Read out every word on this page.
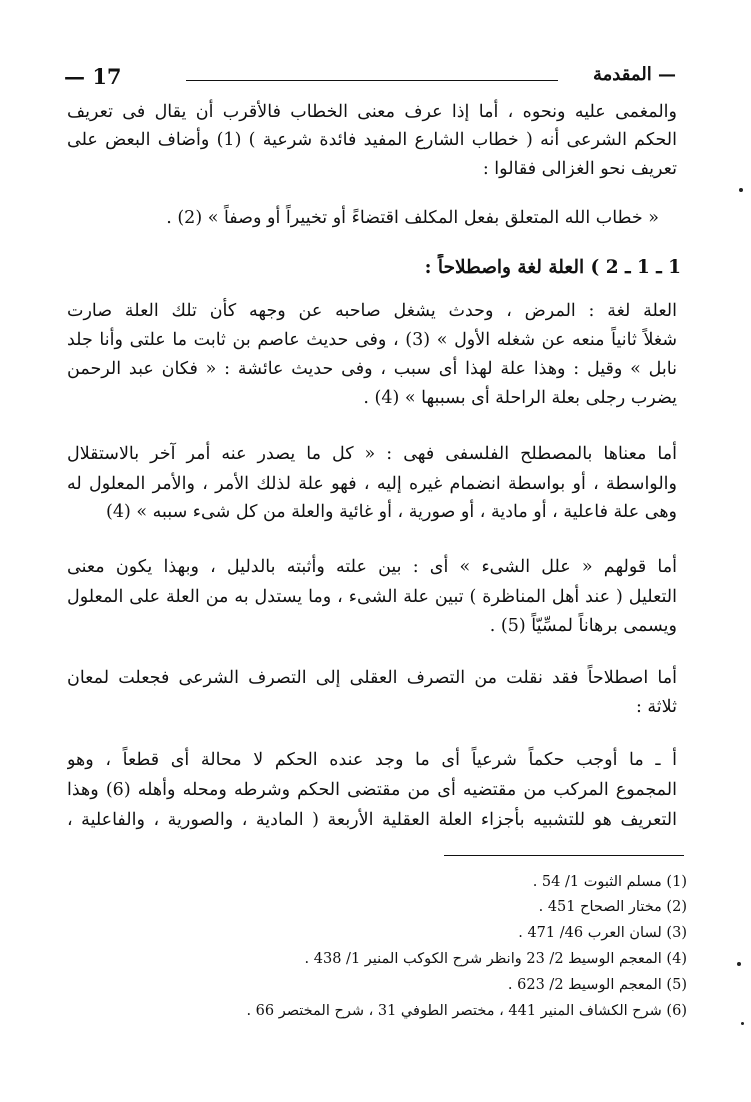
— 17	— المقدمة
والمغمى عليه ونحوه ، أما إذا عرف معنى الخطاب فالأقرب أن يقال فى تعريف
الحكم الشرعى أنه ( خطاب الشارع المفيد فائدة شرعية ) (1) وأضاف البعض على
تعريف نحو الغزالى فقالوا :
« خطاب الله المتعلق بفعل المكلف اقتضاءً أو تخييراً أو وصفاً » (2) .
1 ـ 1 ـ 2 ) العلة لغة واصطلاحاً :
العلة لغة : المرض ، وحدث يشغل صاحبه عن وجهه كأن تلك العلة صارت
شغلاً ثانياً منعه عن شغله الأول » (3) ، وفى حديث عاصم بن ثابت ما علتى وأنا جلد
نابل » وقيل : وهذا علة لهذا أى سبب ، وفى حديث عائشة : « فكان عبد الرحمن
يضرب رجلى بعلة الراحلة أى بسببها » (4) .
أما معناها بالمصطلح الفلسفى فهى : « كل ما يصدر عنه أمر آخر بالاستقلال
والواسطة ، أو بواسطة انضمام غيره إليه ، فهو علة لذلك الأمر ، والأمر المعلول له
وهى علة فاعلية ، أو مادية ، أو صورية ، أو غائية والعلة من كل شىء سببه » (4)
أما قولهم « علل الشىء » أى : بين علته وأثبته بالدليل ، وبهذا يكون معنى
التعليل ( عند أهل المناظرة ) تبين علة الشىء ، وما يستدل به من العلة على المعلول
ويسمى برهاناً لمسِّيّاً (5) .
أما اصطلاحاً فقد نقلت من التصرف العقلى إلى التصرف الشرعى فجعلت لمعان
ثلاثة :
أ ـ ما أوجب حكماً شرعياً أى ما وجد عنده الحكم لا محالة أى قطعاً ، وهو
المجموع المركب من مقتضيه أى من مقتضى الحكم وشرطه ومحله وأهله (6) وهذا
التعريف هو للتشبيه بأجزاء العلة العقلية الأربعة ( المادية ، والصورية ، والفاعلية ،
(1) مسلم الثبوت 1/ 54 .
(2) مختار الصحاح 451 .
(3) لسان العرب 46/ 471 .
(4) المعجم الوسيط 2/ 23 وانظر شرح الكوكب المنير 1/ 438 .
(5) المعجم الوسيط 2/ 623 .
(6) شرح الكشاف المنير 441 ، مختصر الطوفي 31 ، شرح المختصر 66 .
